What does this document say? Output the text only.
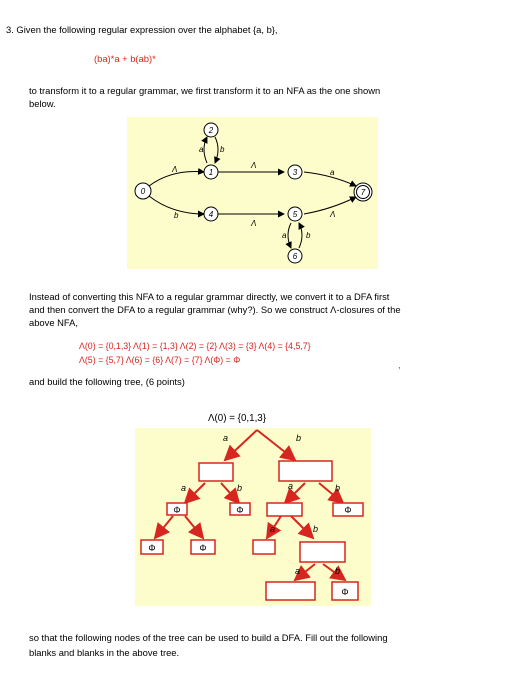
3. Given the following regular expression over the alphabet {a, b},
(ba)*a + b(ab)*
to transform it to a regular grammar, we first transform it to an NFA as the one shown
below.
Λ
b
a b
Λ
a
Λ
Λ
a b
0
1
2
3
4	5
6
7
Instead of converting this NFA to a regular grammar directly, we convert it to a DFA first
and then convert the DFA to a regular grammar (why?). So we construct Λ-closures of the
above NFA,
Λ(0) = {0,1,3} Λ(1) = {1,3} Λ(2) = {2} Λ(3) = {3} Λ(4) = {4,5,7}
Λ(5) = {5,7} Λ(6) = {6} Λ(7) = {7} Λ(Φ) = Φ	,
and build the following tree, (6 points)
Λ(0) = {0,1,3}
Φ	Φ	Φ
Φ	Φ
Φ
a	b
a	b	a	b
a	b
a	b
so that the following nodes of the tree can be used to build a DFA. Fill out the following
blanks and blanks in the above tree.
